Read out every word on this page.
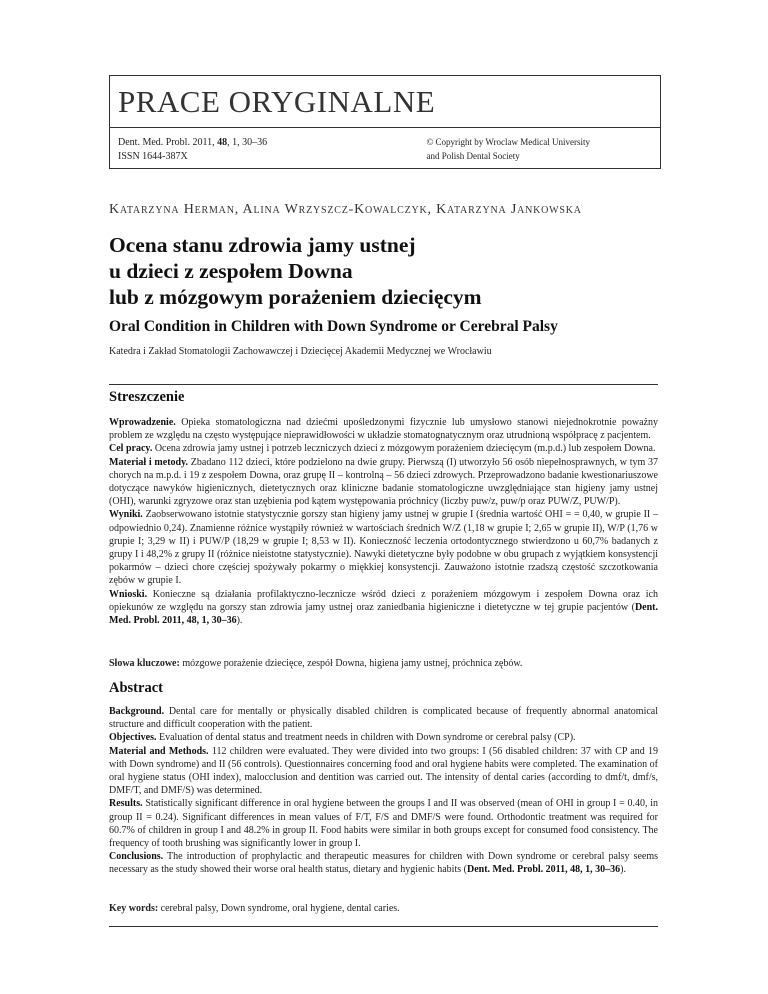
PRACE ORYGINALNE
Dent. Med. Probl. 2011, 48, 1, 30–36
ISSN 1644-387X
© Copyright by Wroclaw Medical University
and Polish Dental Society
Katarzyna Herman, Alina Wrzyszcz-Kowalczyk, Katarzyna Jankowska
Ocena stanu zdrowia jamy ustnej
u dzieci z zespołem Downa
lub z mózgowym porażeniem dziecięcym
Oral Condition in Children with Down Syndrome or Cerebral Palsy
Katedra i Zakład Stomatologii Zachowawczej i Dziecięcej Akademii Medycznej we Wrocławiu
Streszczenie

Wprowadzenie. Opieka stomatologiczna nad dziećmi upośledzonymi fizycznie lub umysłowo stanowi niejednokrotnie poważny problem ze względu na często występujące nieprawidłowości w układzie stomatognatycznym oraz utrudnioną współpracę z pacjentem.

Cel pracy. Ocena zdrowia jamy ustnej i potrzeb leczniczych dzieci z mózgowym porażeniem dziecięcym (m.p.d.) lub zespołem Downa.

Materiał i metody. Zbadano 112 dzieci, które podzielono na dwie grupy. Pierwszą (I) utworzyło 56 osób niepełnosprawnych, w tym 37 chorych na m.p.d. i 19 z zespołem Downa, oraz grupę II – kontrolną – 56 dzieci zdrowych. Przeprowadzono badanie kwestionariuszowe dotyczące nawyków higienicznych, dietetycznych oraz kliniczne badanie stomatologiczne uwzględniające stan higieny jamy ustnej (OHI), warunki zgryzowe oraz stan uzębienia pod kątem występowania próchnicy (liczby puw/z, puw/p oraz PUW/Z, PUW/P).

Wyniki. Zaobserwowano istotnie statystycznie gorszy stan higieny jamy ustnej w grupie I (średnia wartość OHI = = 0,40, w grupie II – odpowiednio 0,24). Znamienne różnice wystąpiły również w wartościach średnich W/Z (1,18 w grupie I; 2,65 w grupie II), W/P (1,76 w grupie I; 3,29 w II) i PUW/P (18,29 w grupie I; 8,53 w II). Konieczność leczenia ortodontycznego stwierdzono u 60,7% badanych z grupy I i 48,2% z grupy II (różnice nieistotne statystycznie). Nawyki dietetyczne były podobne w obu grupach z wyjątkiem konsystencji pokarmów – dzieci chore częściej spożywały pokarmy o miękkiej konsystencji. Zauważono istotnie rzadszą częstość szczotkowania zębów w grupie I.

Wnioski. Konieczne są działania profilaktyczno-lecznicze wśród dzieci z porażeniem mózgowym i zespołem Downa oraz ich opiekunów ze względu na gorszy stan zdrowia jamy ustnej oraz zaniedbania higieniczne i dietetyczne w tej grupie pacjentów (Dent. Med. Probl. 2011, 48, 1, 30–36).

Słowa kluczowe: mózgowe porażenie dziecięce, zespół Downa, higiena jamy ustnej, próchnica zębów.
Abstract

Background. Dental care for mentally or physically disabled children is complicated because of frequently abnormal anatomical structure and difficult cooperation with the patient.

Objectives. Evaluation of dental status and treatment needs in children with Down syndrome or cerebral palsy (CP).

Material and Methods. 112 children were evaluated. They were divided into two groups: I (56 disabled children: 37 with CP and 19 with Down syndrome) and II (56 controls). Questionnaires concerning food and oral hygiene habits were completed. The examination of oral hygiene status (OHI index), malocclusion and dentition was carried out. The intensity of dental caries (according to dmf/t, dmf/s, DMF/T, and DMF/S) was determined.

Results. Statistically significant difference in oral hygiene between the groups I and II was observed (mean of OHI in group I = 0.40, in group II = 0.24). Significant differences in mean values of F/T, F/S and DMF/S were found. Orthodontic treatment was required for 60.7% of children in group I and 48.2% in group II. Food habits were similar in both groups except for consumed food consistency. The frequency of tooth brushing was significantly lower in group I.

Conclusions. The introduction of prophylactic and therapeutic measures for children with Down syndrome or cerebral palsy seems necessary as the study showed their worse oral health status, dietary and hygienic habits (Dent. Med. Probl. 2011, 48, 1, 30–36).

Key words: cerebral palsy, Down syndrome, oral hygiene, dental caries.
